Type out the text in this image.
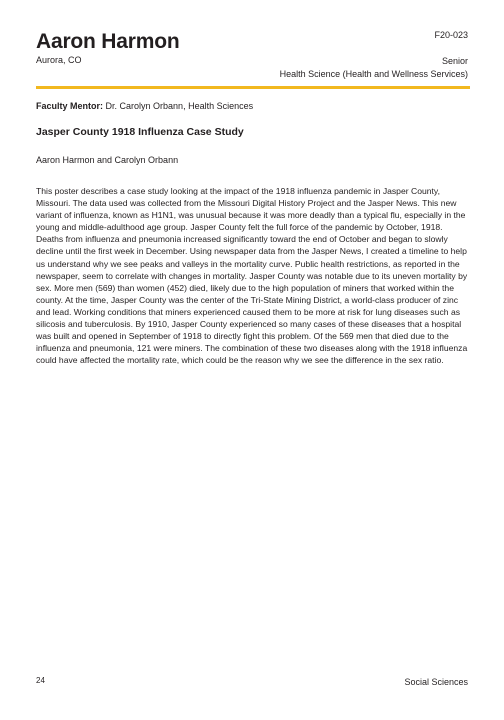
Aaron Harmon
Aurora, CO
F20-023
Senior
Health Science (Health and Wellness Services)
Faculty Mentor: Dr. Carolyn Orbann, Health Sciences
Jasper County 1918 Influenza Case Study
Aaron Harmon and Carolyn Orbann

This poster describes a case study looking at the impact of the 1918 influenza pandemic in Jasper County, Missouri. The data used was collected from the Missouri Digital History Project and the Jasper News. This new variant of influenza, known as H1N1, was unusual because it was more deadly than a typical flu, especially in the young and middle-adulthood age group. Jasper County felt the full force of the pandemic by October, 1918. Deaths from influenza and pneumonia increased significantly toward the end of October and began to slowly decline until the first week in December. Using newspaper data from the Jasper News, I created a timeline to help us understand why we see peaks and valleys in the mortality curve. Public health restrictions, as reported in the newspaper, seem to correlate with changes in mortality. Jasper County was notable due to its uneven mortality by sex. More men (569) than women (452) died, likely due to the high population of miners that worked within the county. At the time, Jasper County was the center of the Tri-State Mining District, a world-class producer of zinc and lead. Working conditions that miners experienced caused them to be more at risk for lung diseases such as silicosis and tuberculosis. By 1910, Jasper County experienced so many cases of these diseases that a hospital was built and opened in September of 1918 to directly fight this problem. Of the 569 men that died due to the influenza and pneumonia, 121 were miners. The combination of these two diseases along with the 1918 influenza could have affected the mortality rate, which could be the reason why we see the difference in the sex ratio.

24	Social Sciences
